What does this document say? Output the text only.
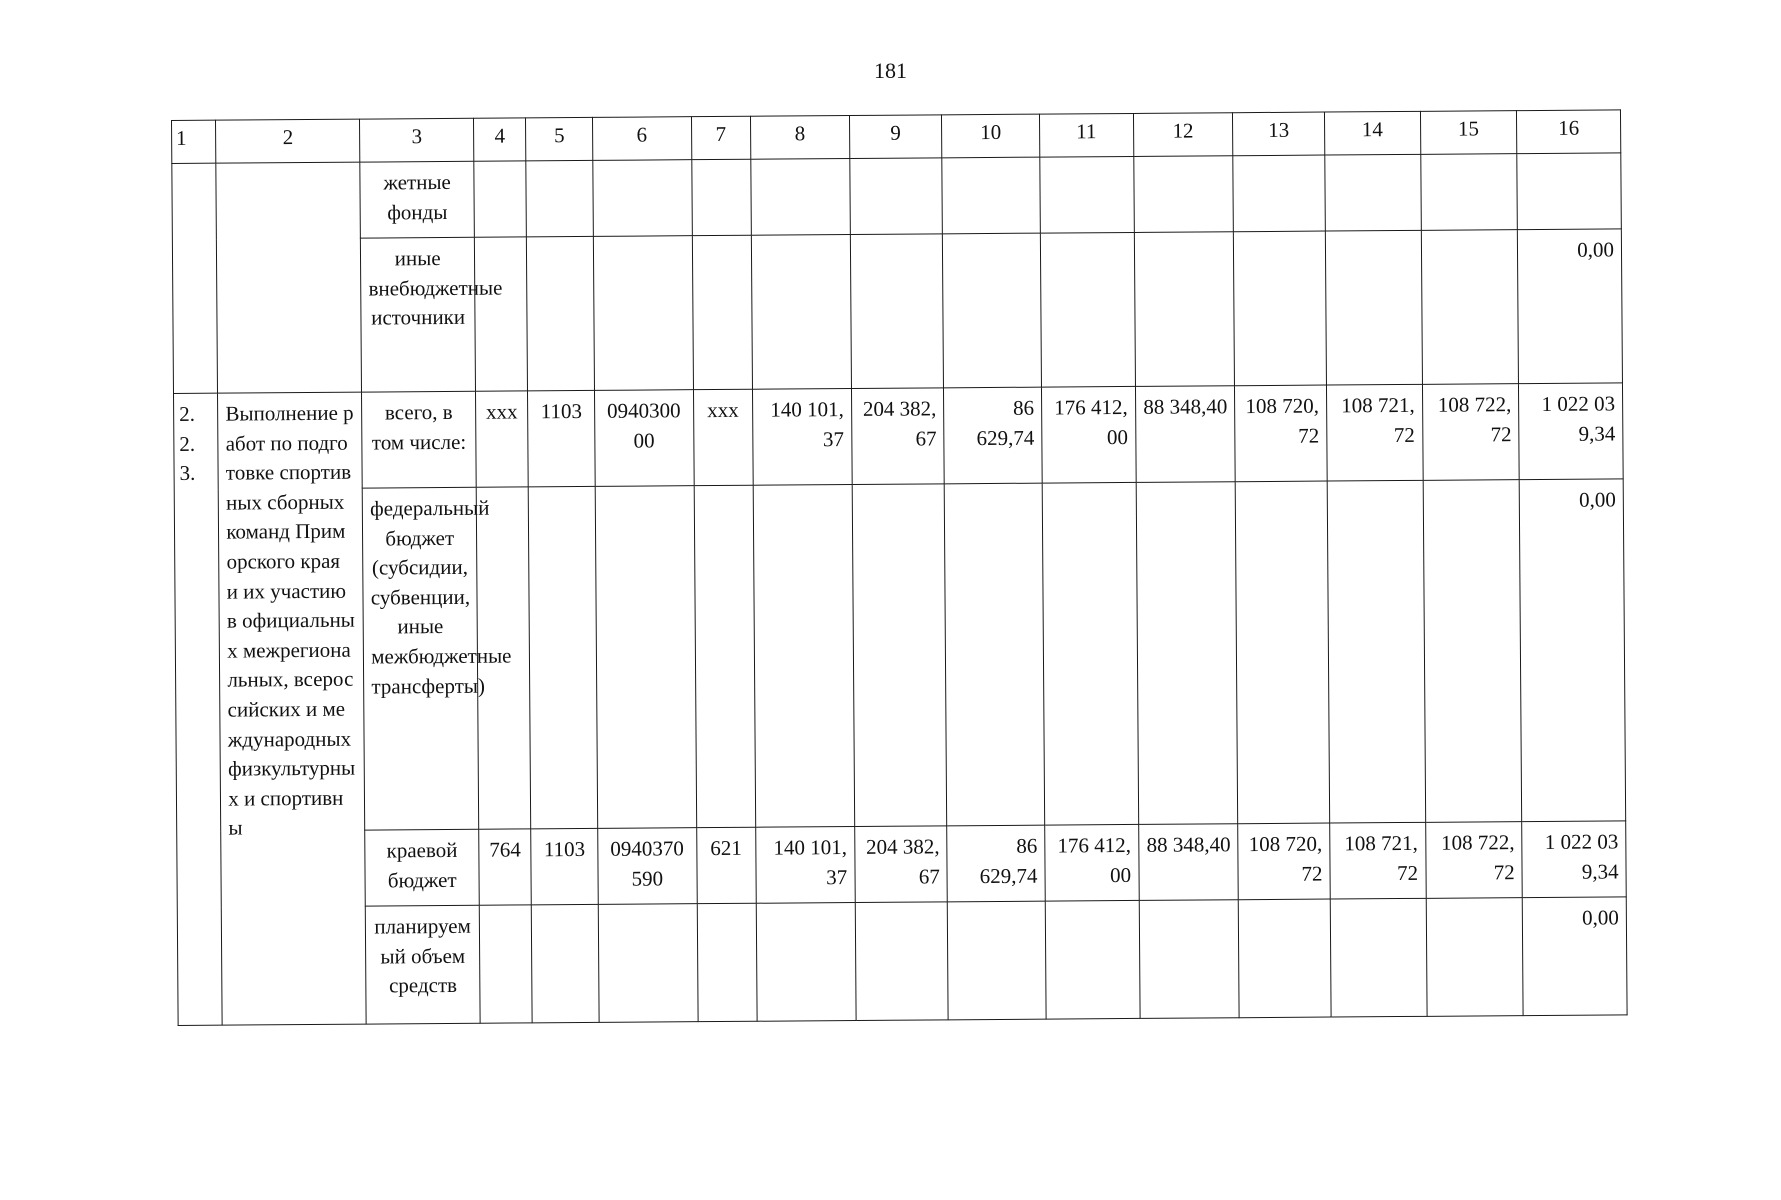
181
1	2	3	4	5	6	7	8	9	10	11	12	13	14	15	16
		жетные фонды													
		иные внебюджетные источники													0,00
2.
2.
3.	Выполнение работ по подготовке спортивных сборных команд Приморского края и их участию в официальных межрегиональных, всероссийских и международных физкультурных и спортивны	всего, в том числе:	xxx	1103	094030000	xxx	140 101,37	204 382,67	86 629,74	176 412,00	88 348,40	108 720,72	108 721,72	108 722,72	1 022 039,34
		федеральный бюджет (субсидии, субвенции, иные межбюджетные трансферты)													0,00
		краевой бюджет	764	1103	0940370590	621	140 101,37	204 382,67	86 629,74	176 412,00	88 348,40	108 720,72	108 721,72	108 722,72	1 022 039,34
		планируемый объем средств													0,00
